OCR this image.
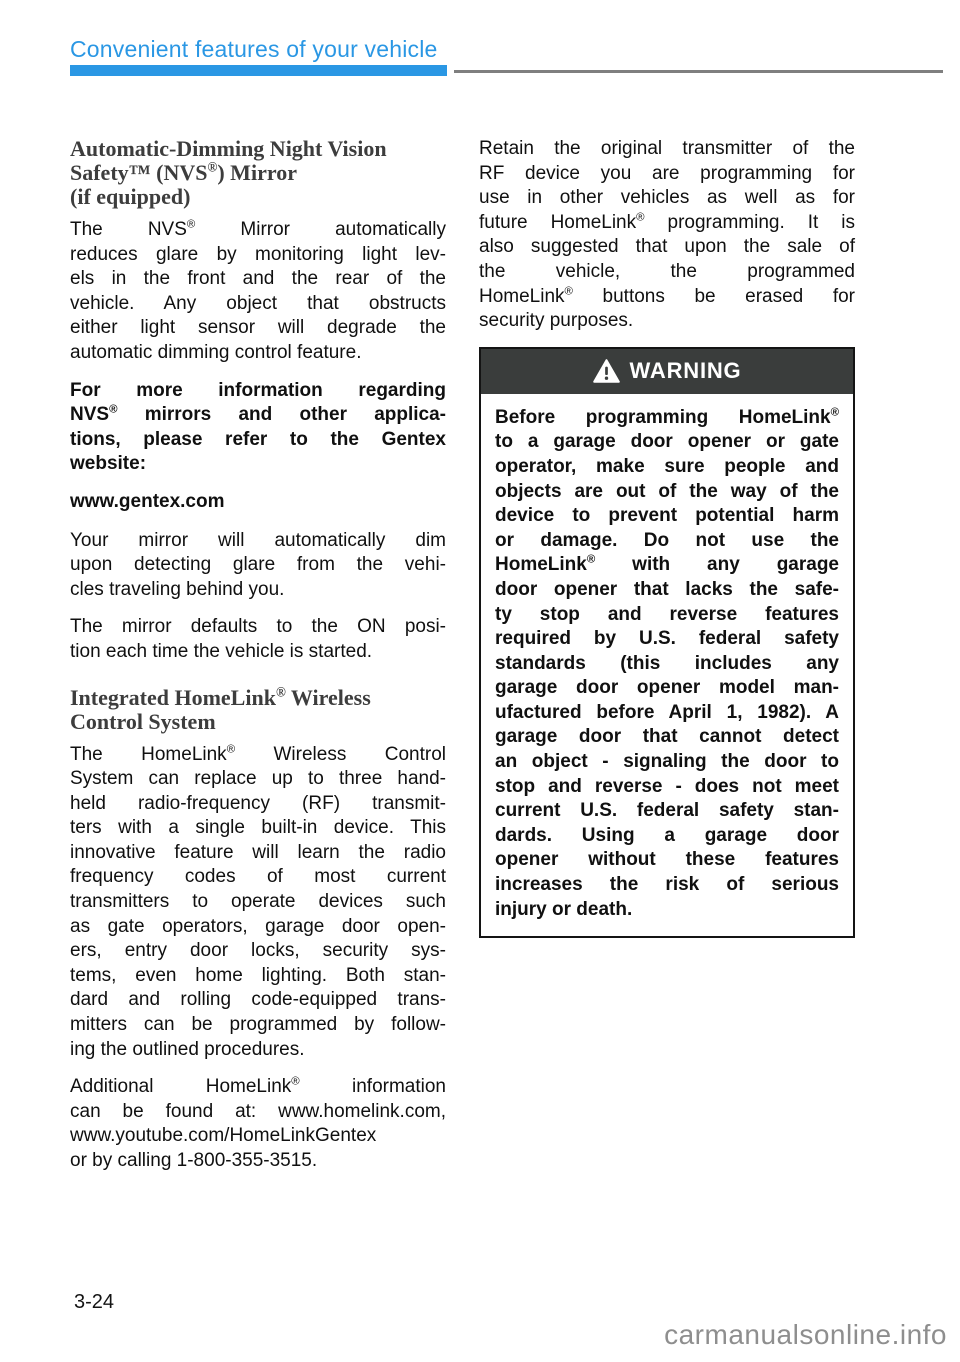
Convenient features of your vehicle
Automatic-Dimming Night Vision
Safety™ (NVS®) Mirror
(if equipped)
The NVS® Mirror automatically
reduces glare by monitoring light lev-
els in the front and the rear of the
vehicle. Any object that obstructs
either light sensor will degrade the
automatic dimming control feature.
For more information regarding
NVS® mirrors and other applica-
tions, please refer to the Gentex
website:
www.gentex.com
Your mirror will automatically dim
upon detecting glare from the vehi-
cles traveling behind you.
The mirror defaults to the ON posi-
tion each time the vehicle is started.
Integrated HomeLink® Wireless
Control System
The HomeLink® Wireless Control
System can replace up to three hand-
held radio-frequency (RF) transmit-
ters with a single built-in device. This
innovative feature will learn the radio
frequency codes of most current
transmitters to operate devices such
as gate operators, garage door open-
ers, entry door locks, security sys-
tems, even home lighting. Both stan-
dard and rolling code-equipped trans-
mitters can be programmed by follow-
ing the outlined procedures.
Additional HomeLink® information
can be found at: www.homelink.com,
www.youtube.com/HomeLinkGentex
or by calling 1-800-355-3515.
Retain the original transmitter of the
RF device you are programming for
use in other vehicles as well as for
future HomeLink® programming. It is
also suggested that upon the sale of
the vehicle, the programmed
HomeLink® buttons be erased for
security purposes.
WARNING
Before programming HomeLink®
to a garage door opener or gate
operator, make sure people and
objects are out of the way of the
device to prevent potential harm
or damage. Do not use the
HomeLink® with any garage
door opener that lacks the safe-
ty stop and reverse features
required by U.S. federal safety
standards (this includes any
garage door opener model man-
ufactured before April 1, 1982). A
garage door that cannot detect
an object - signaling the door to
stop and reverse - does not meet
current U.S. federal safety stan-
dards. Using a garage door
opener without these features
increases the risk of serious
injury or death.
3-24
carmanualsonline.info
